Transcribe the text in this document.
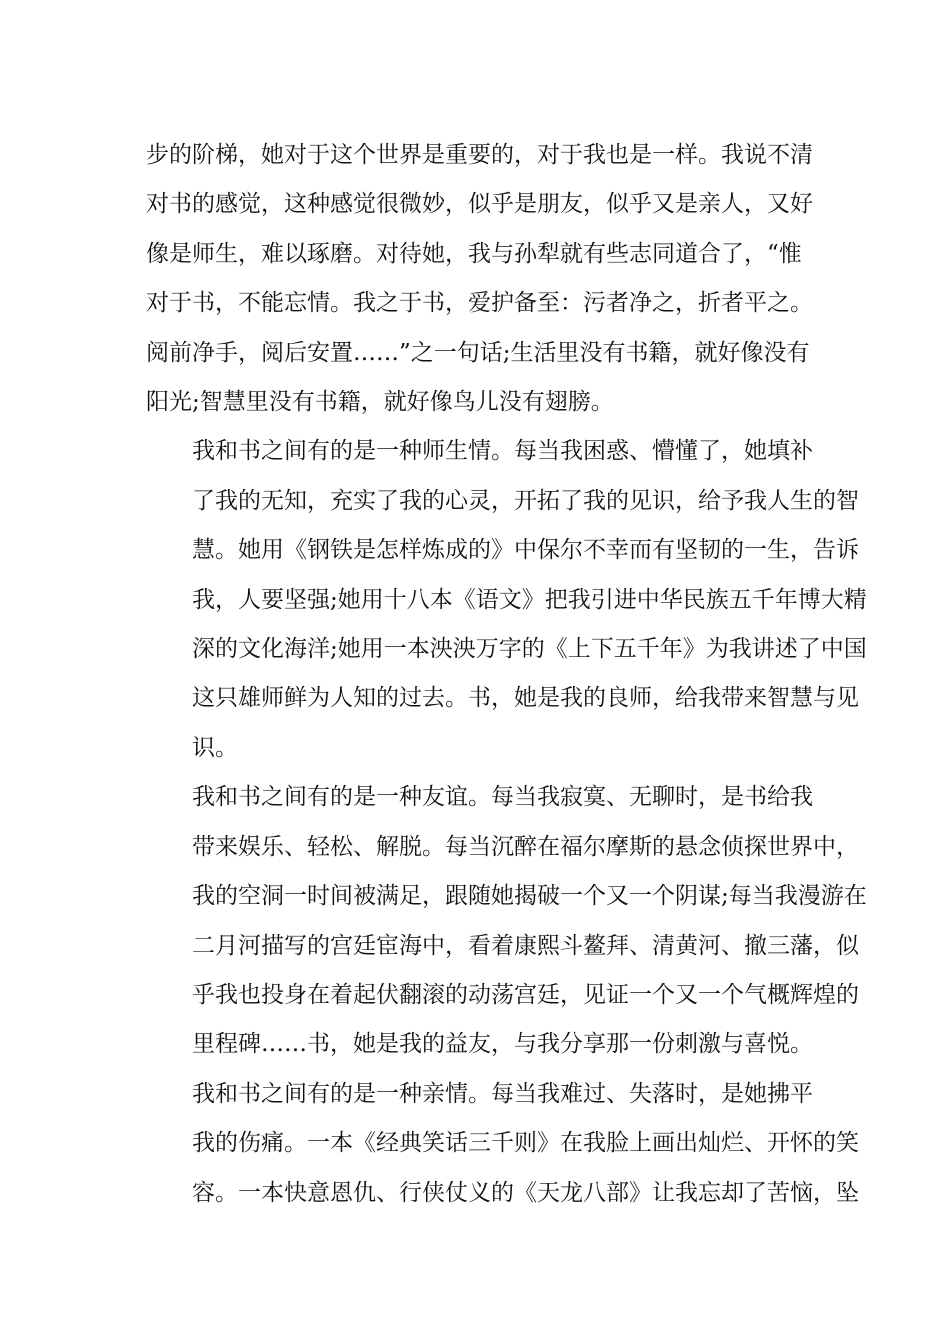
步的阶梯，她对于这个世界是重要的，对于我也是一样。我说不清
对书的感觉，这种感觉很微妙，似乎是朋友，似乎又是亲人，又好
像是师生，难以琢磨。对待她，我与孙犁就有些志同道合了，“惟
对于书，不能忘情。我之于书，爱护备至：污者净之，折者平之。
阅前净手，阅后安置……”之一句话;生活里没有书籍，就好像没有
阳光;智慧里没有书籍，就好像鸟儿没有翅膀。
我和书之间有的是一种师生情。每当我困惑、懵懂了，她填补
了我的无知，充实了我的心灵，开拓了我的见识，给予我人生的智
慧。她用《钢铁是怎样炼成的》中保尔不幸而有坚韧的一生，告诉
我，人要坚强;她用十八本《语文》把我引进中华民族五千年博大精
深的文化海洋;她用一本泱泱万字的《上下五千年》为我讲述了中国
这只雄师鲜为人知的过去。书，她是我的良师，给我带来智慧与见
识。
我和书之间有的是一种友谊。每当我寂寞、无聊时，是书给我
带来娱乐、轻松、解脱。每当沉醉在福尔摩斯的悬念侦探世界中，
我的空洞一时间被满足，跟随她揭破一个又一个阴谋;每当我漫游在
二月河描写的宫廷宦海中，看着康熙斗鳌拜、清黄河、撤三藩，似
乎我也投身在着起伏翻滚的动荡宫廷，见证一个又一个气概辉煌的
里程碑……书，她是我的益友，与我分享那一份刺激与喜悦。
我和书之间有的是一种亲情。每当我难过、失落时，是她拂平
我的伤痛。一本《经典笑话三千则》在我脸上画出灿烂、开怀的笑
容。一本快意恩仇、行侠仗义的《天龙八部》让我忘却了苦恼，坠
